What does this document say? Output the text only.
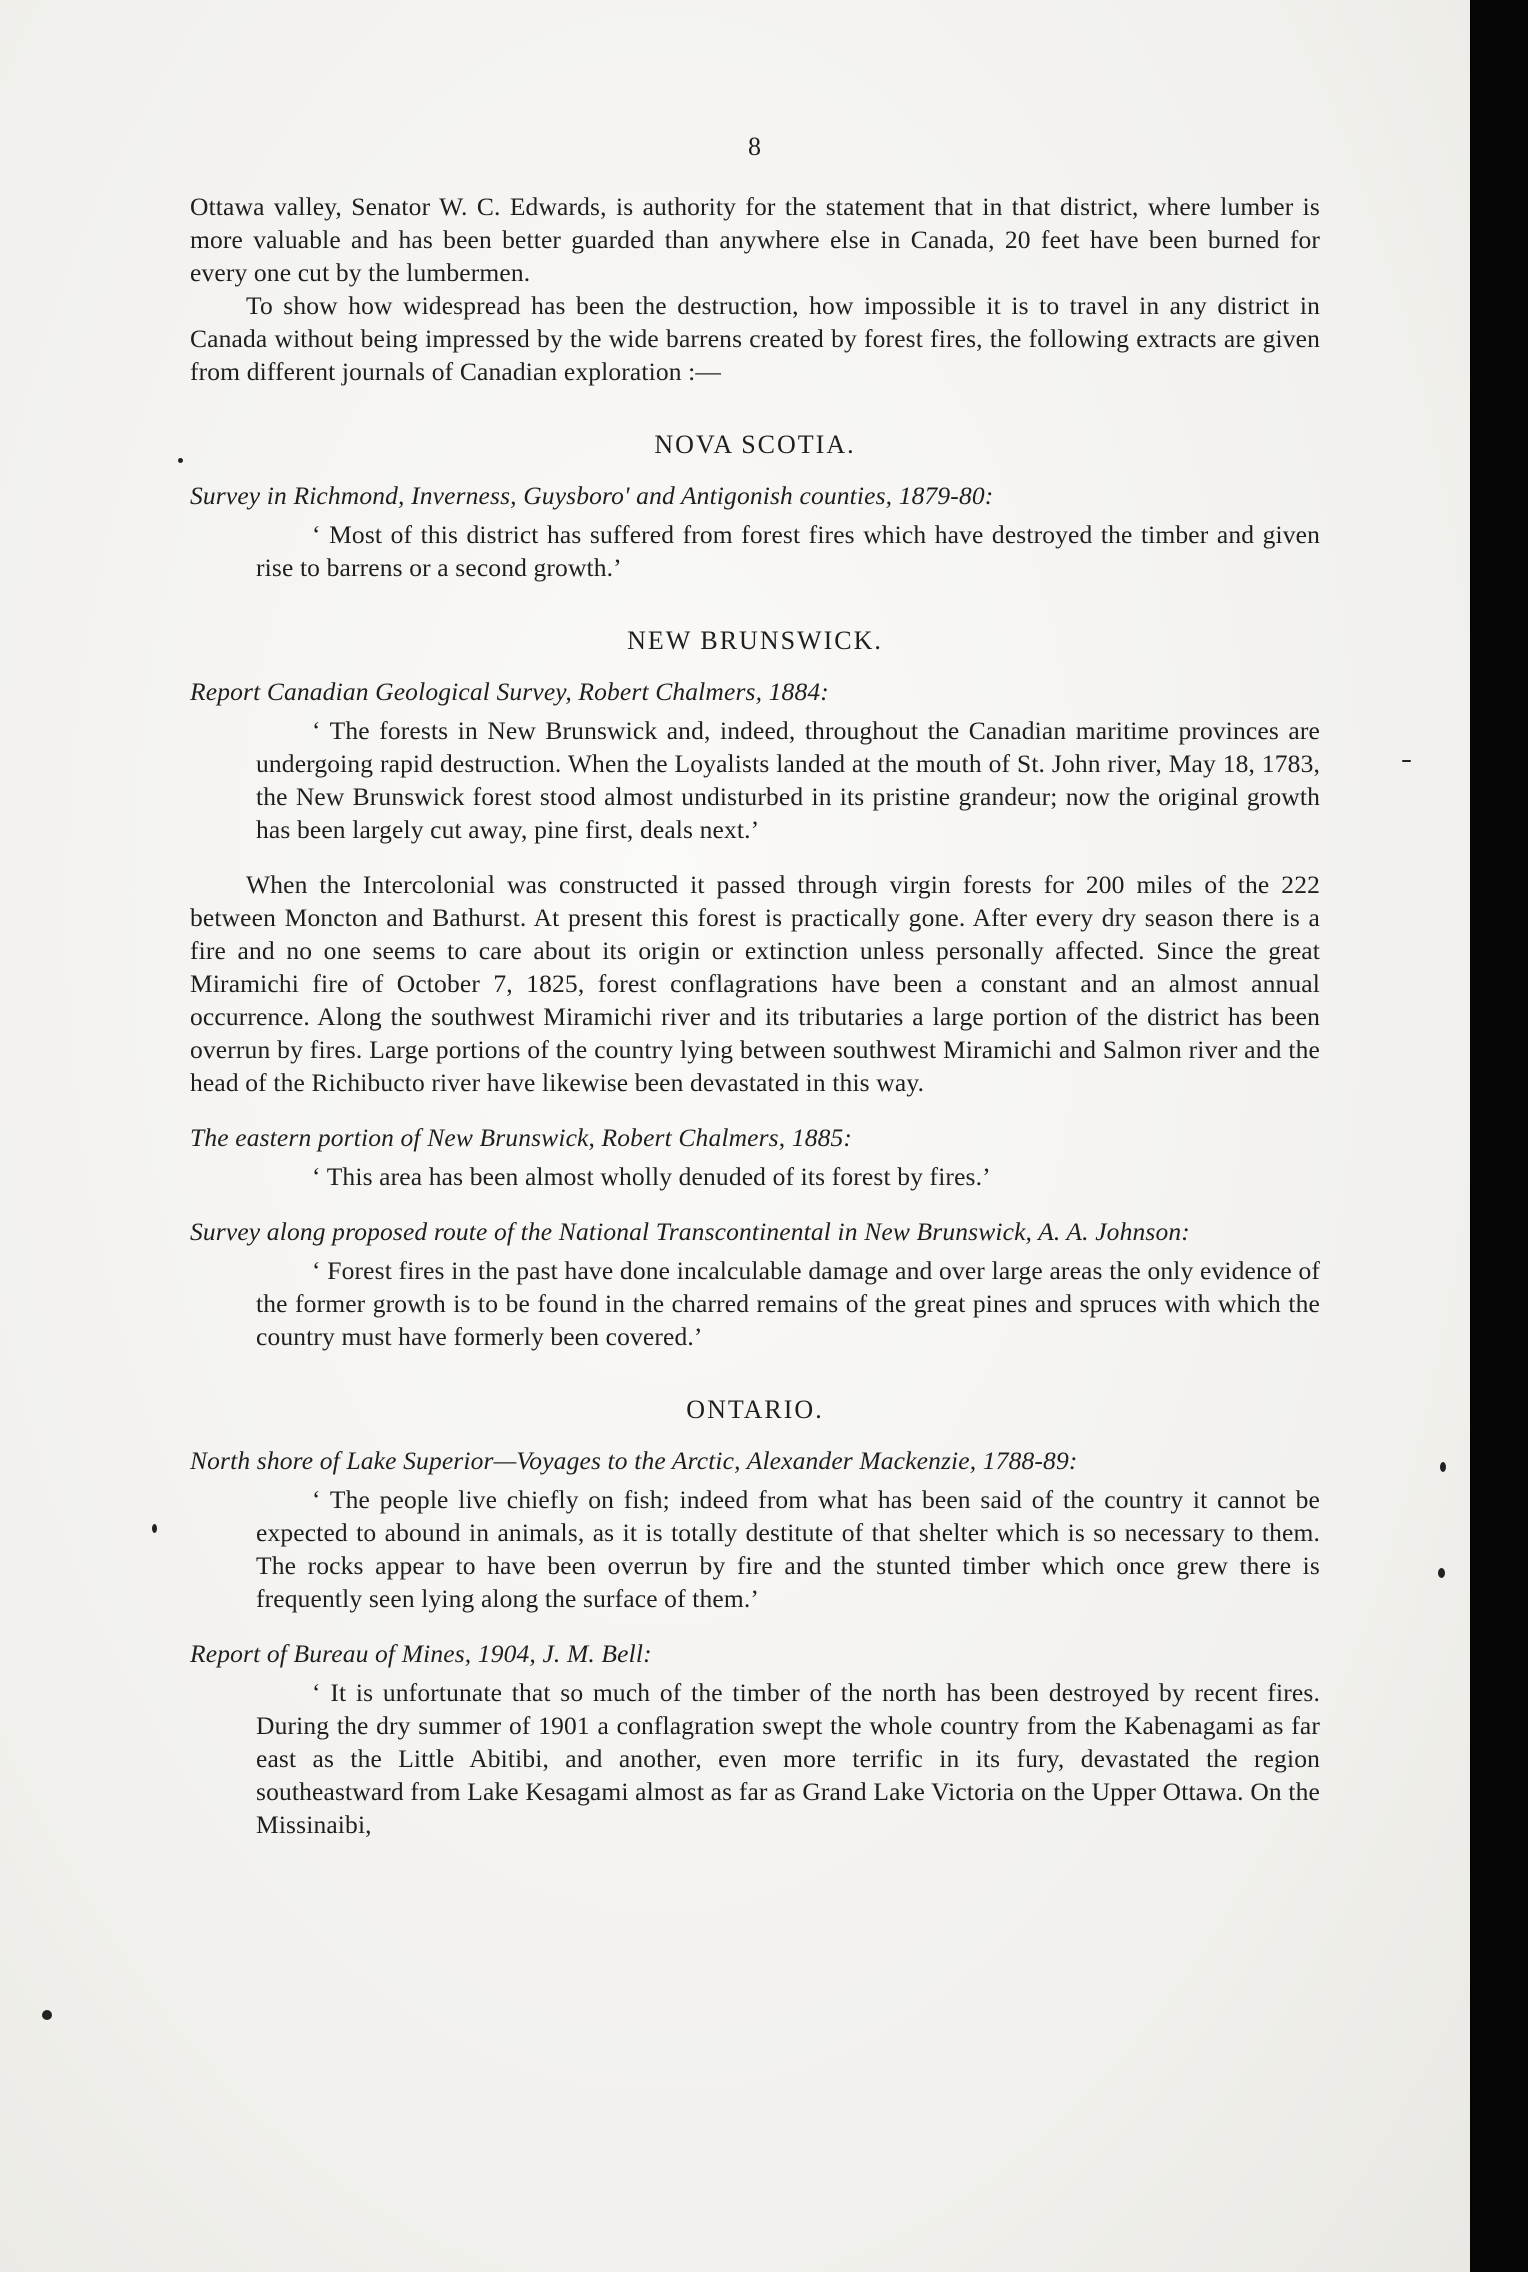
8

Ottawa valley, Senator W. C. Edwards, is authority for the statement that in that district, where lumber is more valuable and has been better guarded than anywhere else in Canada, 20 feet have been burned for every one cut by the lumbermen.

To show how widespread has been the destruction, how impossible it is to travel in any district in Canada without being impressed by the wide barrens created by forest fires, the following extracts are given from different journals of Canadian exploration :—

NOVA SCOTIA.

Survey in Richmond, Inverness, Guysboro' and Antigonish counties, 1879-80:

‘ Most of this district has suffered from forest fires which have destroyed the timber and given rise to barrens or a second growth.’
NEW BRUNSWICK.

Report Canadian Geological Survey, Robert Chalmers, 1884:

‘ The forests in New Brunswick and, indeed, throughout the Canadian maritime provinces are undergoing rapid destruction. When the Loyalists landed at the mouth of St. John river, May 18, 1783, the New Brunswick forest stood almost undisturbed in its pristine grandeur; now the original growth has been largely cut away, pine first, deals next.’

When the Intercolonial was constructed it passed through virgin forests for 200 miles of the 222 between Moncton and Bathurst. At present this forest is practically gone. After every dry season there is a fire and no one seems to care about its origin or extinction unless personally affected. Since the great Miramichi fire of October 7, 1825, forest conflagrations have been a constant and an almost annual occurrence. Along the southwest Miramichi river and its tributaries a large portion of the district has been overrun by fires. Large portions of the country lying between southwest Miramichi and Salmon river and the head of the Richibucto river have likewise been devastated in this way.

The eastern portion of New Brunswick, Robert Chalmers, 1885:

‘ This area has been almost wholly denuded of its forest by fires.’

Survey along proposed route of the National Transcontinental in New Brunswick, A. A. Johnson:

‘ Forest fires in the past have done incalculable damage and over large areas the only evidence of the former growth is to be found in the charred remains of the great pines and spruces with which the country must have formerly been covered.’
ONTARIO.

North shore of Lake Superior—Voyages to the Arctic, Alexander Mackenzie, 1788-89:

‘ The people live chiefly on fish; indeed from what has been said of the country it cannot be expected to abound in animals, as it is totally destitute of that shelter which is so necessary to them. The rocks appear to have been overrun by fire and the stunted timber which once grew there is frequently seen lying along the surface of them.’

Report of Bureau of Mines, 1904, J. M. Bell:

‘ It is unfortunate that so much of the timber of the north has been destroyed by recent fires. During the dry summer of 1901 a conflagration swept the whole country from the Kabenagami as far east as the Little Abitibi, and another, even more terrific in its fury, devastated the region southeastward from Lake Kesagami almost as far as Grand Lake Victoria on the Upper Ottawa. On the Missinaibi,
